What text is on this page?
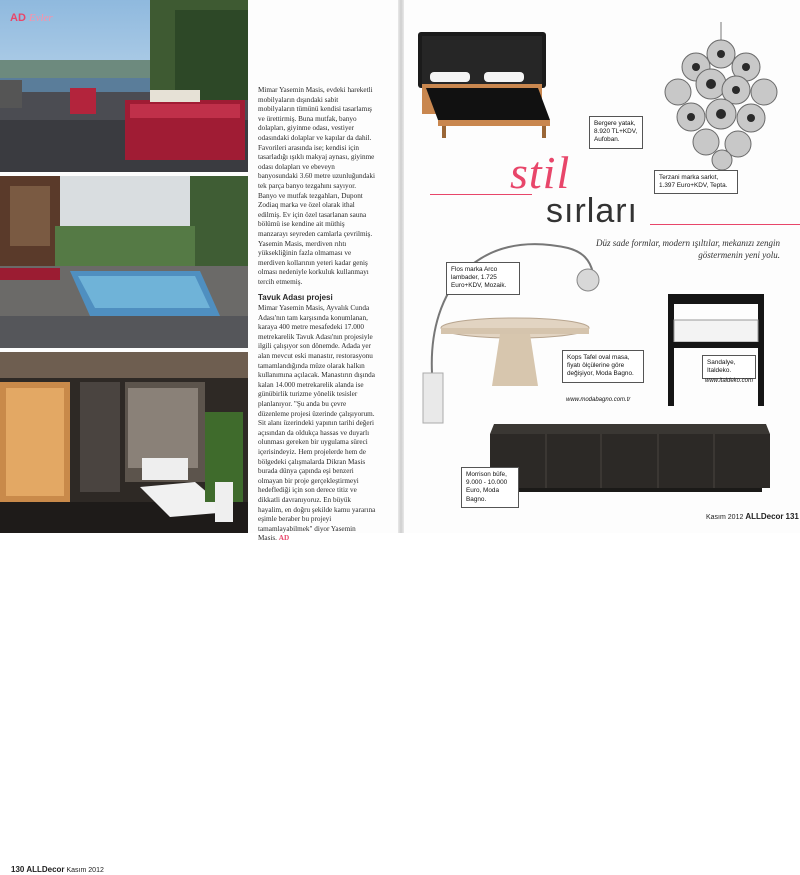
AD Evler
130 ALLDecor Kasım 2012

Mimar Yasemin Masis, evdeki hareketli mobilyaların dışındaki sabit mobilyaların tümünü kendisi tasarlamış ve ürettirmiş. Buna mutfak, banyo dolapları, giyinme odası, vestiyer odasındaki dolaplar ve kapılar da dahil. Favorileri arasında ise; kendisi için tasarladığı ışıklı makyaj aynası, giyinme odası dolapları ve ebeveyn banyosundaki 3.60 metre uzunluğundaki tek parça banyo tezgahını sayıyor. Banyo ve mutfak tezgahları, Dupont Zodiaq marka ve özel olarak ithal edilmiş. Ev için özel tasarlanan sauna bölümü ise kendine ait müthiş manzarayı seyreden camlarla çevrilmiş. Yasemin Masis, merdiven rıhtı yüksekliğinin fazla olmaması ve merdiven kollarının yeteri kadar geniş olması nedeniyle korkuluk kullanmayı tercih etmemiş.

Tavuk Adası projesi

Mimar Yasemin Masis, Ayvalık Cunda Adası'nın tam karşısında konumlanan, karaya 400 metre mesafedeki 17.000 metrekarelik Tavuk Adası'nın projesiyle ilgili çalışıyor son dönemde. Adada yer alan mevcut eski manastır, restorasyonu tamamlandığında müze olarak halkın kullanımına açılacak. Manastırın dışında kalan 14.000 metrekarelik alanda ise günübirlik turizme yönelik tesisler planlanıyor. "Şu anda bu çevre düzenleme projesi üzerinde çalışıyorum. Sit alanı üzerindeki yapının tarihi değeri açısından da oldukça hassas ve duyarlı olunması gereken bir uygulama süreci içerisindeyiz. Hem projelerde hem de bölgedeki çalışmalarda Dikran Masis burada dünya çapında eşi benzeri olmayan bir proje gerçekleştirmeyi hedeflediği için son derece titiz ve dikkatli davranıyoruz. En büyük hayalim, en doğru şekilde kamu yararına eşimle beraber bu projeyi tamamlayabilmek" diyor Yasemin Masis. AD

stil
sırları
Düz sade formlar, modern ışıltılar, mekanızı zengin göstermenin yeni yolu.
Bergere yatak, 8.920 TL+KDV, Aufoban.
Terzani marka sarkıt, 1.397 Euro+KDV, Tepta.
Flos marka Arco lambader, 1.725 Euro+KDV, Mozaik.
Kops Tafel oval masa, fiyatı ölçülerine göre değişiyor, Moda Bagno.
www.modabagno.com.tr
Sandalye, Italdeko.
www.italdeko.com
Morrison büfe, 9.000 - 10.000 Euro, Moda Bagno.
Kasım 2012 ALLDecor 131
